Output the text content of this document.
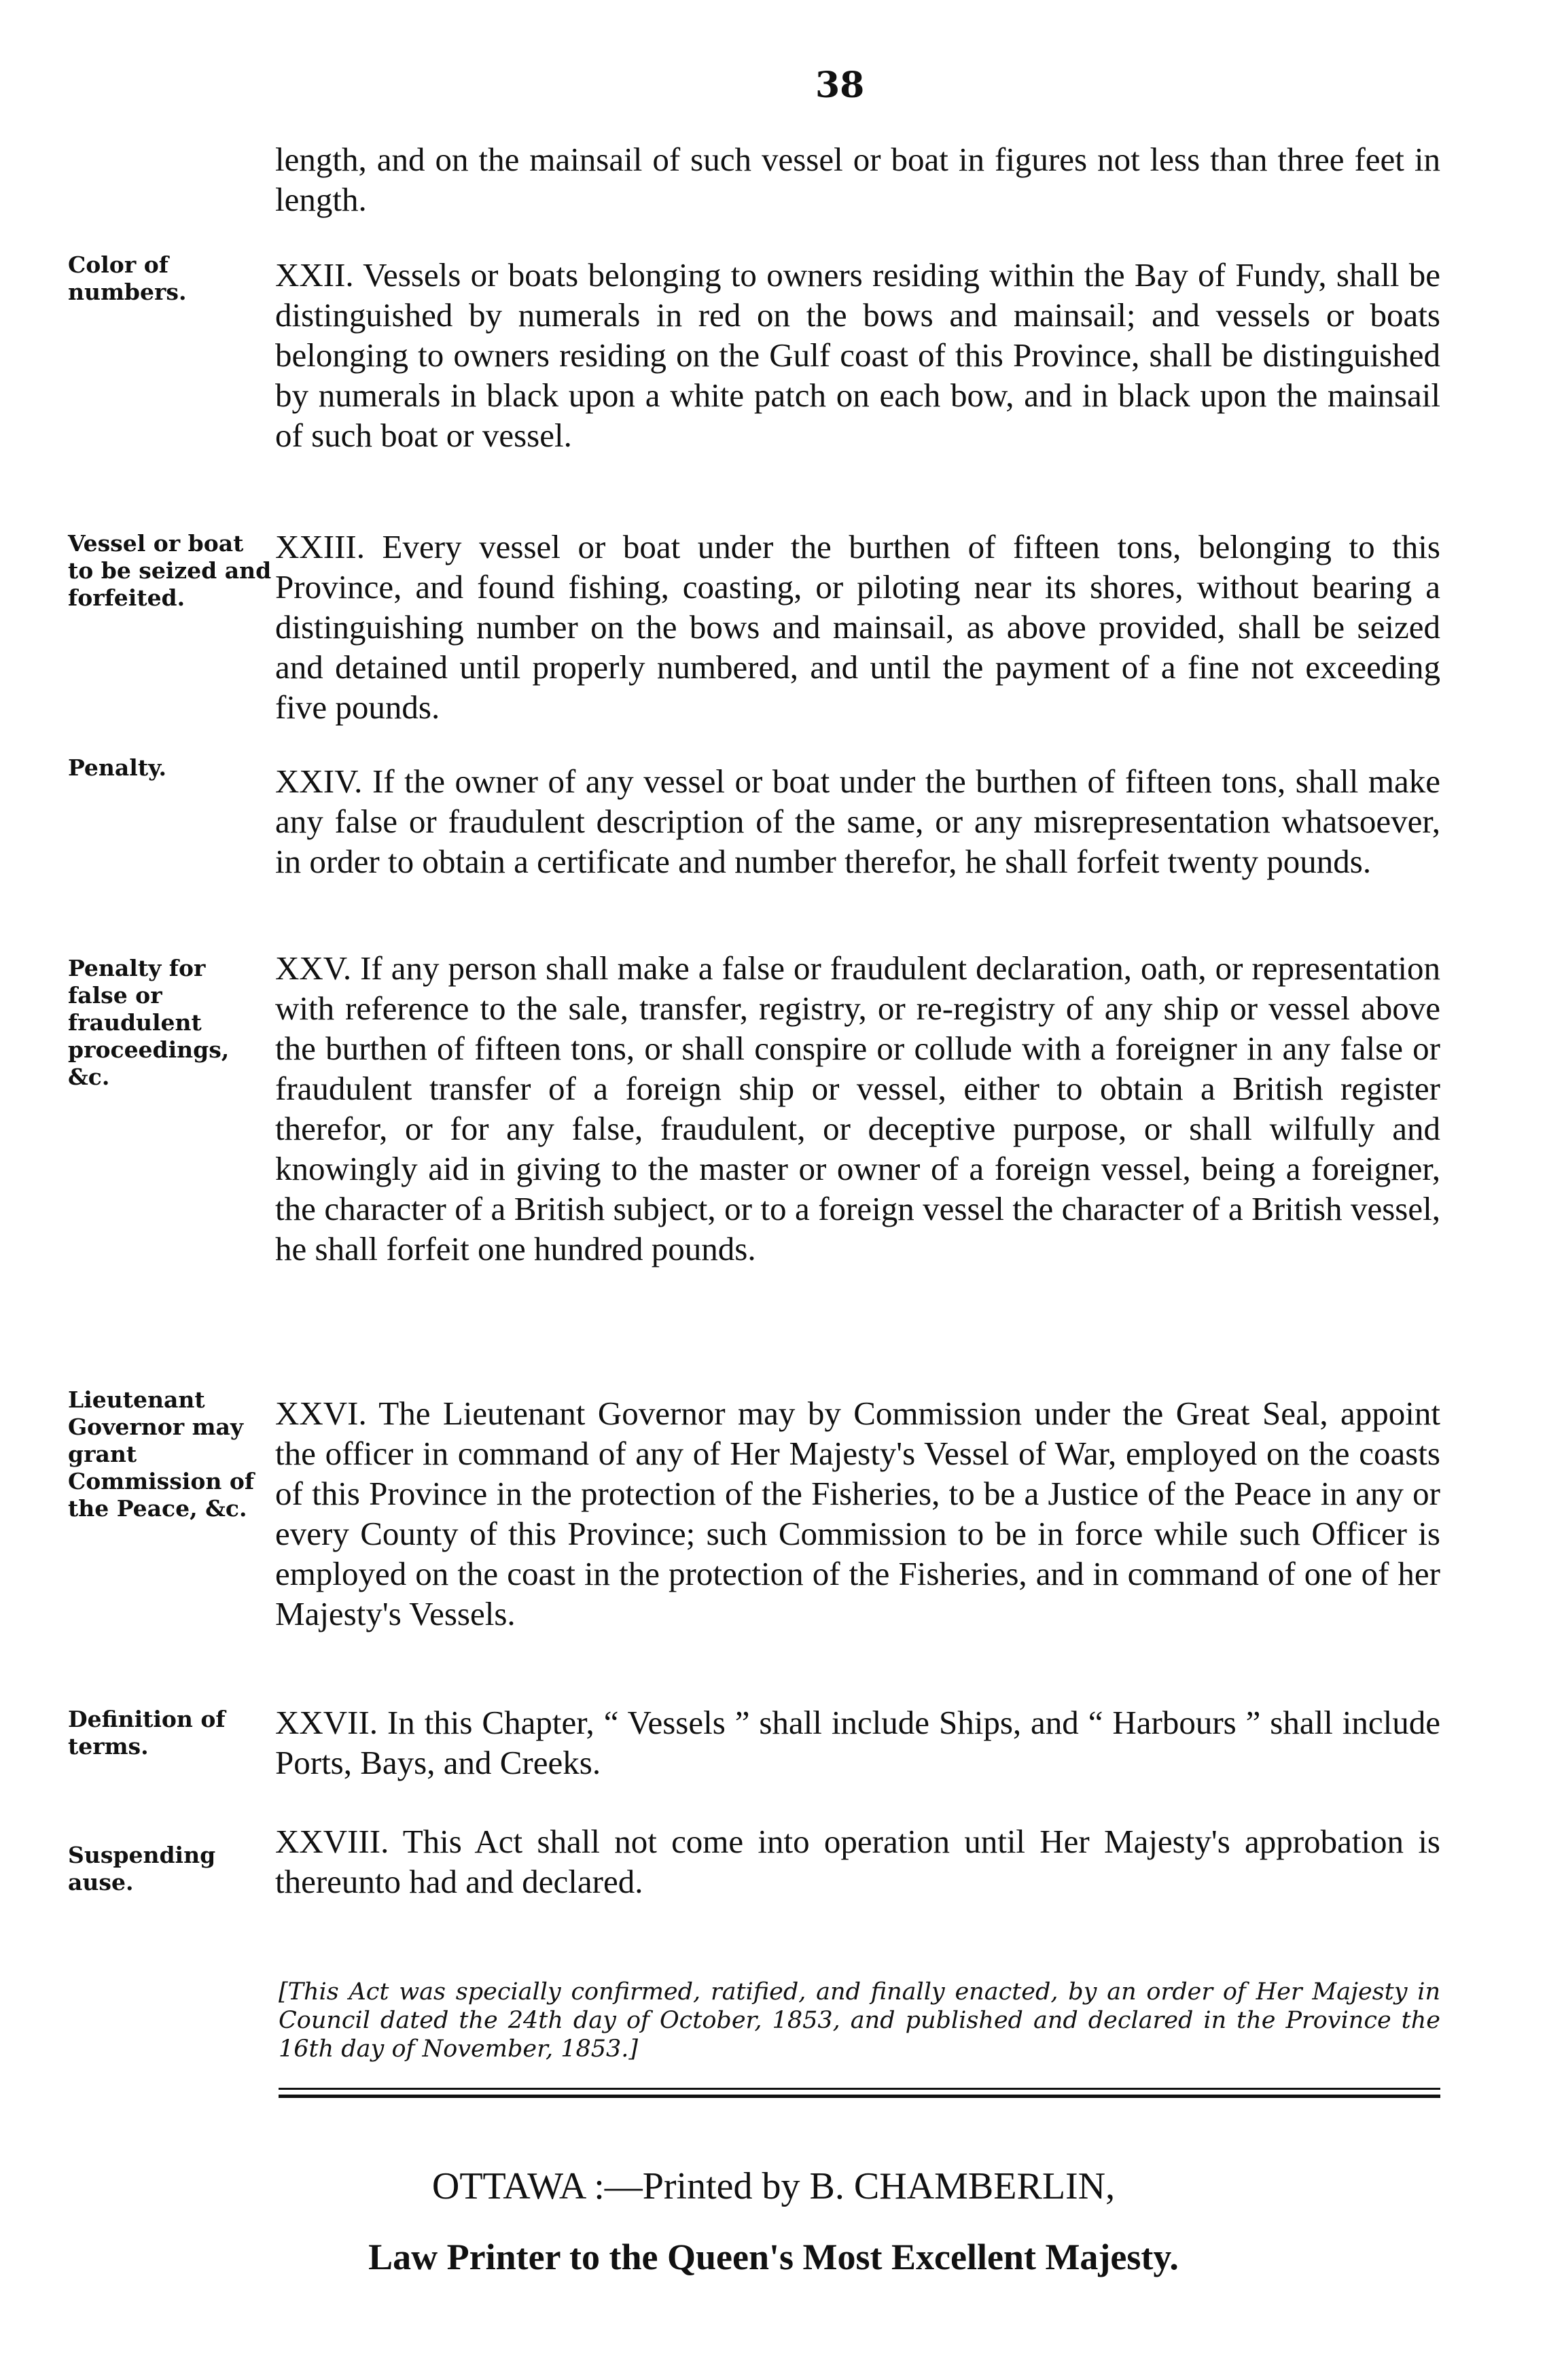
38
length, and on the mainsail of such vessel or boat in figures not less than three feet in length.
Color of numbers.	XXII. Vessels or boats belonging to owners residing within the Bay of Fundy, shall be distinguished by numerals in red on the bows and mainsail; and vessels or boats belonging to owners residing on the Gulf coast of this Province, shall be distinguished by numerals in black upon a white patch on each bow, and in black upon the mainsail of such boat or vessel.
Vessel or boat to be seized and forfeited.
XXIII. Every vessel or boat under the burthen of fifteen tons, belonging to this Province, and found fishing, coasting, or piloting near its shores, without bearing a distinguishing number on the bows and mainsail, as above provided, shall be seized and detained until properly numbered, and until the payment of a fine not exceeding five pounds.
Penalty.	XXIV. If the owner of any vessel or boat under the burthen of fifteen tons, shall make any false or fraudulent description of the same, or any misrepresentation whatsoever, in order to obtain a certificate and number therefor, he shall forfeit twenty pounds.
Penalty for false or fraudulent proceedings, &c.
XXV. If any person shall make a false or fraudulent declaration, oath, or representation with reference to the sale, transfer, registry, or re-registry of any ship or vessel above the burthen of fifteen tons, or shall conspire or collude with a foreigner in any false or fraudulent transfer of a foreign ship or vessel, either to obtain a British register therefor, or for any false, fraudulent, or deceptive purpose, or shall wilfully and knowingly aid in giving to the master or owner of a foreign vessel, being a foreigner, the character of a British subject, or to a foreign vessel the character of a British vessel, he shall forfeit one hundred pounds.
Lieutenant Governor may grant Commission of the Peace, &c.
XXVI. The Lieutenant Governor may by Commission under the Great Seal, appoint the officer in command of any of Her Majesty's Vessel of War, employed on the coasts of this Province in the protection of the Fisheries, to be a Justice of the Peace in any or every County of this Province; such Commission to be in force while such Officer is employed on the coast in the protection of the Fisheries, and in command of one of her Majesty's Vessels.
Definition of terms.
XXVII. In this Chapter, “ Vessels ” shall include Ships, and “ Harbours ” shall include Ports, Bays, and Creeks.
Suspending ause.
XXVIII. This Act shall not come into operation until Her Majesty's approbation is thereunto had and declared.
[This Act was specially confirmed, ratified, and finally enacted, by an order of Her Majesty in Council dated the 24th day of October, 1853, and published and declared in the Province the 16th day of November, 1853.]
OTTAWA :—Printed by B. CHAMBERLIN,
Law Printer to the Queen's Most Excellent Majesty.
